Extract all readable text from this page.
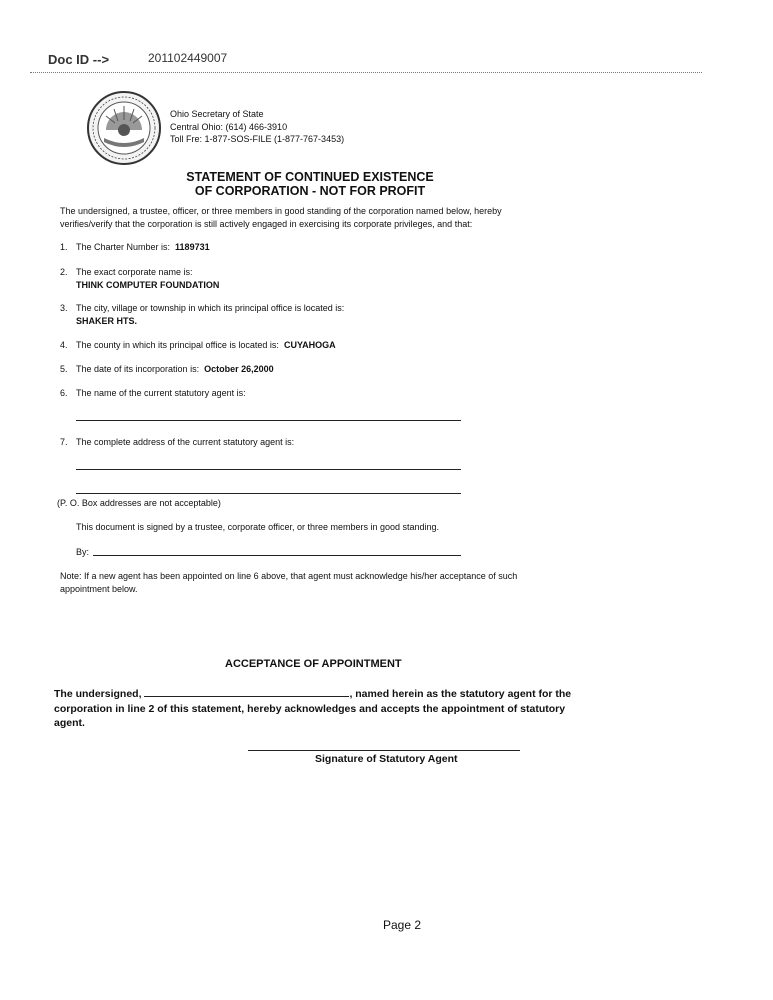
Doc ID -->	201102449007
Ohio Secretary of State
Central Ohio: (614) 466-3910
Toll Fre: 1-877-SOS-FILE (1-877-767-3453)
STATEMENT OF CONTINUED EXISTENCE
OF CORPORATION - NOT FOR PROFIT
The undersigned, a trustee, officer, or three members in good standing of the corporation named below, hereby verifies/verify that the corporation is still actively engaged in exercising its corporate privileges, and that:
1. The Charter Number is: 1189731
2. The exact corporate name is:
THINK COMPUTER FOUNDATION
3. The city, village or township in which its principal office is located is:
SHAKER HTS.
4. The county in which its principal office is located is: CUYAHOGA
5. The date of its incorporation is: October 26,2000
6. The name of the current statutory agent is:
7. The complete address of the current statutory agent is:
(P. O. Box addresses are not acceptable)
This document is signed by a trustee, corporate officer, or three members in good standing.
By:
Note: If a new agent has been appointed on line 6 above, that agent must acknowledge his/her acceptance of such appointment below.
ACCEPTANCE OF APPOINTMENT
The undersigned,	, named herein as the statutory agent for the corporation in line 2 of this statement, hereby acknowledges and accepts the appointment of statutory agent.
Signature of Statutory Agent
Page 2
